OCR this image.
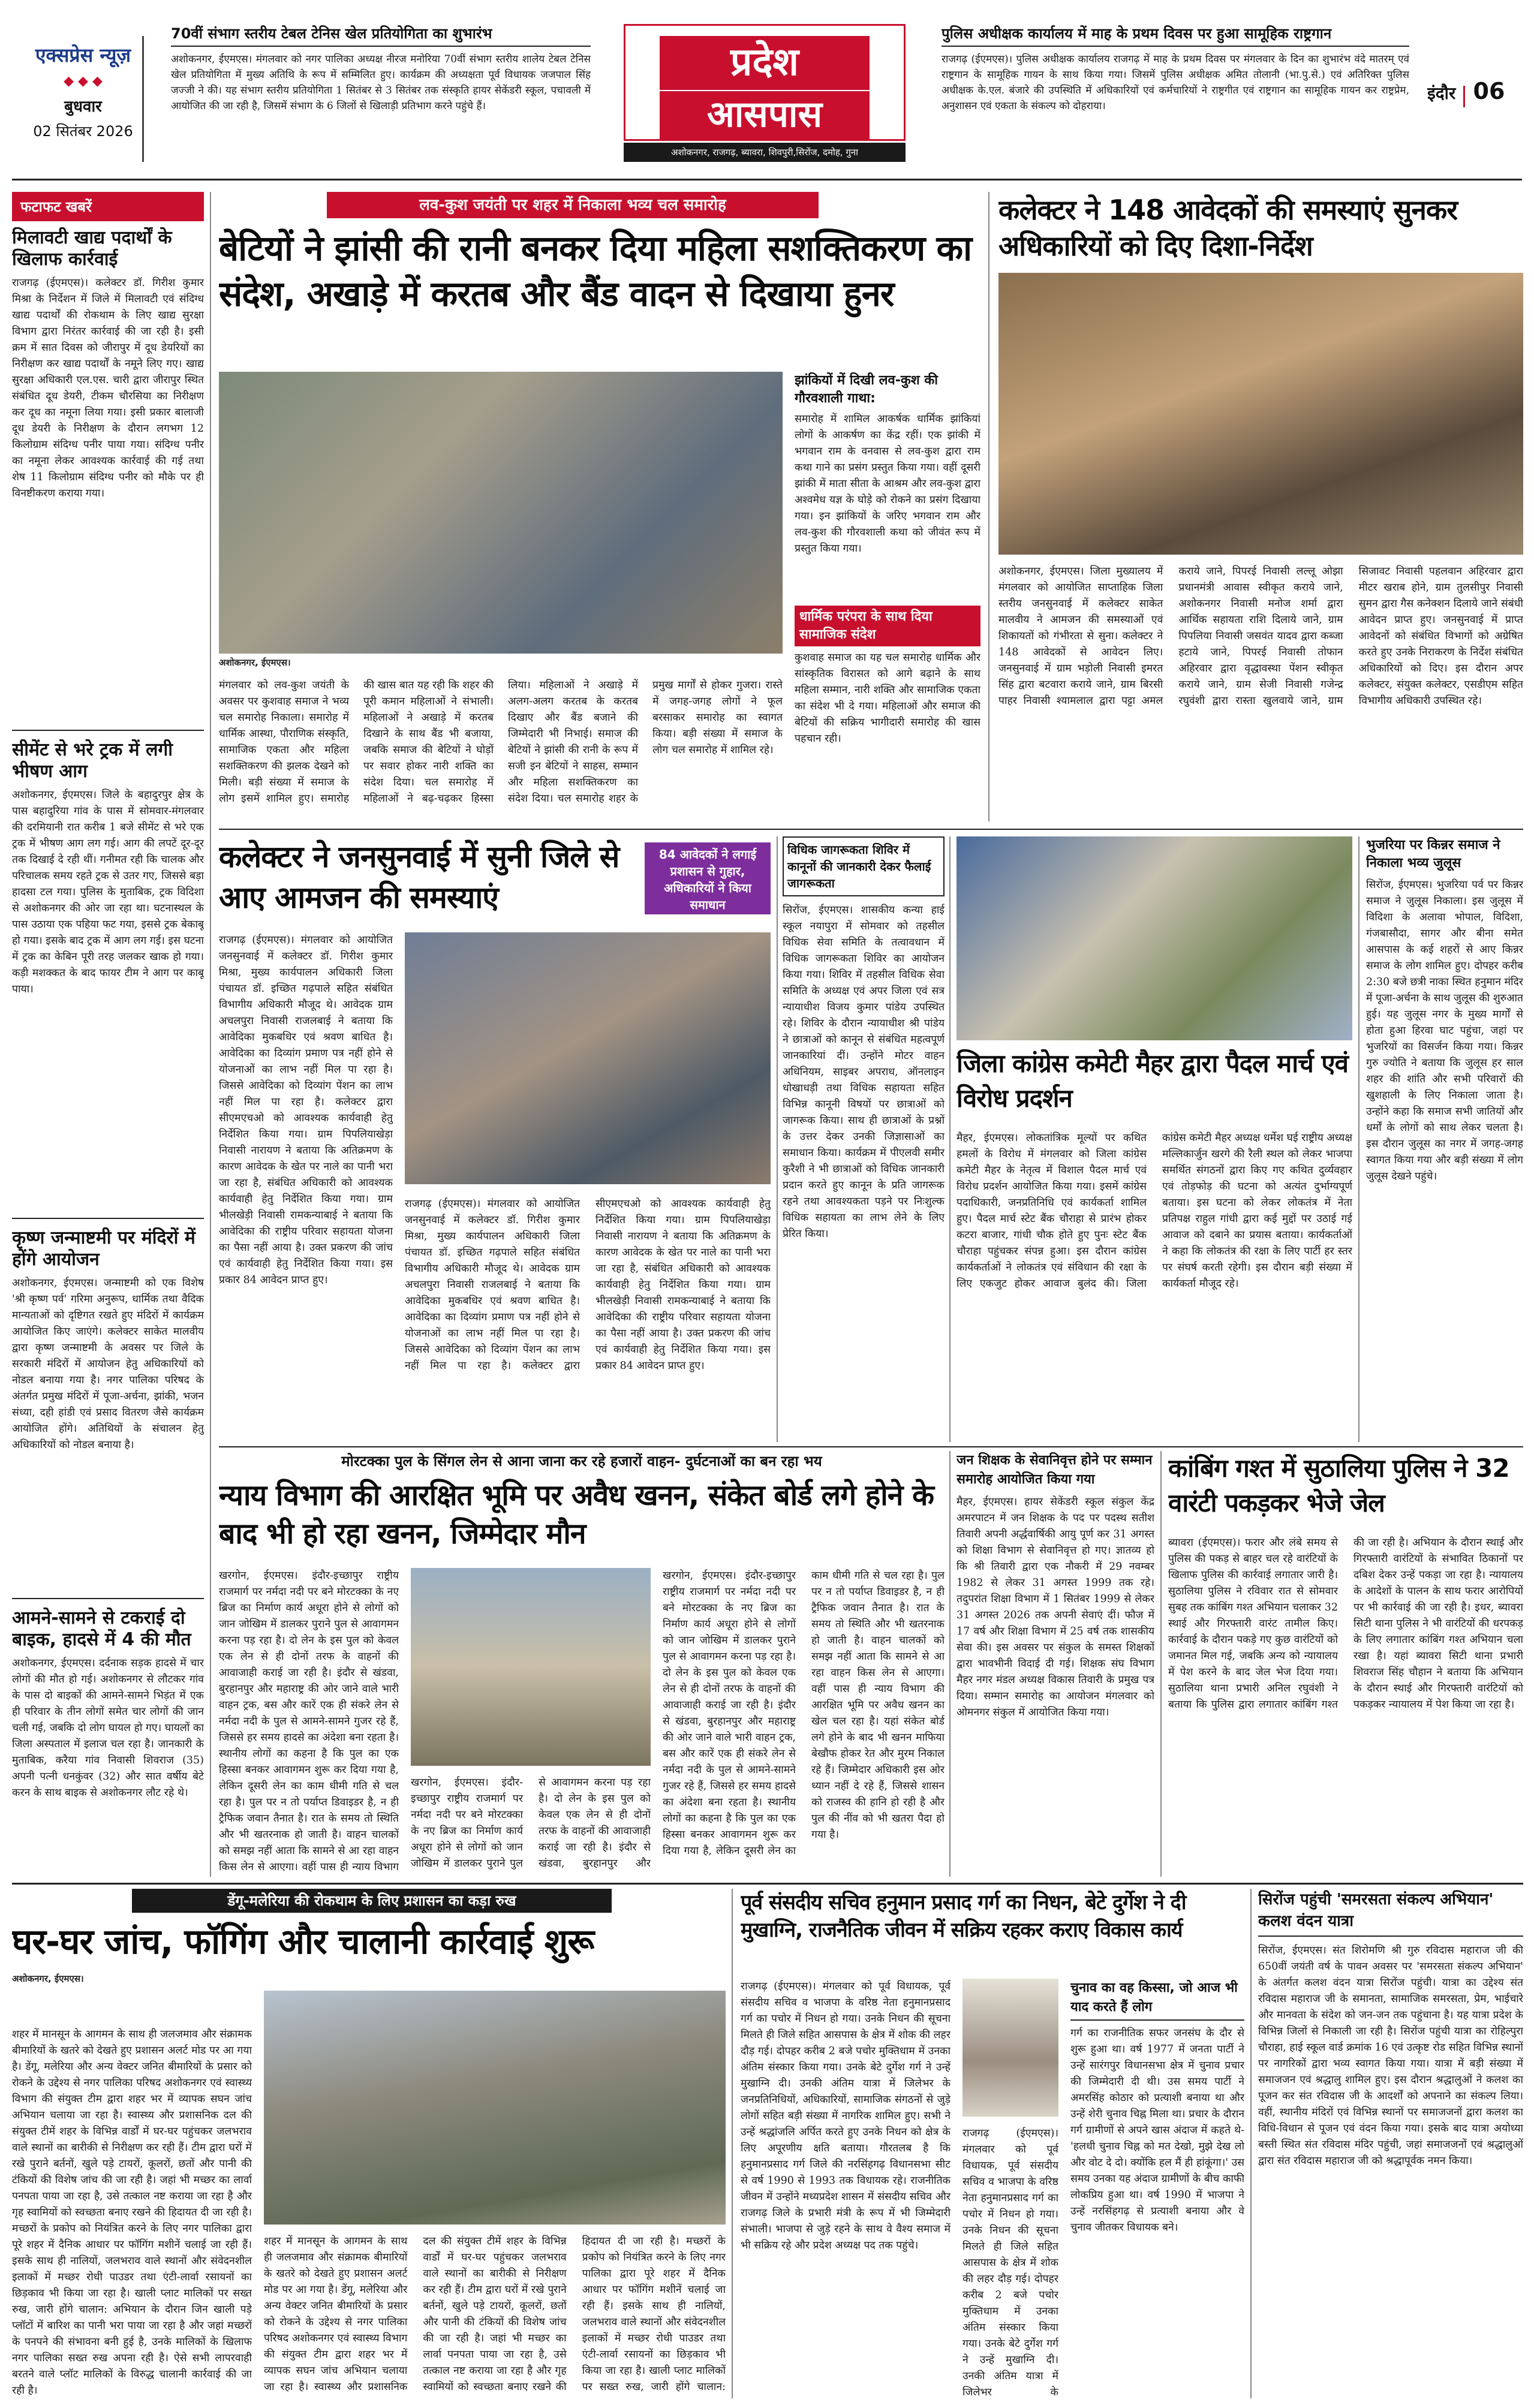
एक्सप्रेस न्यूज़
◆ ◆ ◆
बुधवार
02 सितंबर 2026
70वीं संभाग स्तरीय टेबल टेनिस खेल प्रतियोगिता का शुभारंभ
अशोकनगर, ईएमएस। मंगलवार को नगर पालिका अध्यक्ष नीरज मनोरिया 70वीं संभाग स्तरीय शालेय टेबल टेनिस खेल प्रतियोगिता में मुख्य अतिथि के रूप में सम्मिलित हुए। कार्यक्रम की अध्यक्षता पूर्व विधायक जजपाल सिंह जज्जी ने की। यह संभाग स्तरीय प्रतियोगिता 1 सितंबर से 3 सितंबर तक संस्कृति हायर सेकेंडरी स्कूल, पचावली में आयोजित की जा रही है, जिसमें संभाग के 6 जिलों से खिलाड़ी प्रतिभाग करने पहुंचे हैं।
प्रदेश
आसपास
अशोकनगर, राजगढ़, ब्यावरा, शिवपुरी,सिरोंज, दमोह, गुना
पुलिस अधीक्षक कार्यालय में माह के प्रथम दिवस पर हुआ सामूहिक राष्ट्रगान
राजगढ़ (ईएमएस)। पुलिस अधीक्षक कार्यालय राजगढ़ में माह के प्रथम दिवस पर मंगलवार के दिन का शुभारंभ वंदे मातरम् एवं राष्ट्रगान के सामूहिक गायन के साथ किया गया। जिसमें पुलिस अधीक्षक अमित तोलानी (भा.पु.से.) एवं अतिरिक्त पुलिस अधीक्षक के.एल. बंजारे की उपस्थिति में अधिकारियों एवं कर्मचारियों ने राष्ट्रगीत एवं राष्ट्रगान का सामूहिक गायन कर राष्ट्रप्रेम, अनुशासन एवं एकता के संकल्प को दोहराया।
इंदौर 06
फटाफट खबरें
मिलावटी खाद्य पदार्थों के खिलाफ कार्रवाई
राजगढ़ (ईएमएस)। कलेक्टर डॉ. गिरीश कुमार मिश्रा के निर्देशन में जिले में मिलावटी एवं संदिग्ध खाद्य पदार्थों की रोकथाम के लिए खाद्य सुरक्षा विभाग द्वारा निरंतर कार्रवाई की जा रही है। इसी क्रम में सात दिवस को जीरापुर में दूध डेयरियों का निरीक्षण कर खाद्य पदार्थों के नमूने लिए गए। खाद्य सुरक्षा अधिकारी एल.एस. चारी द्वारा जीरापुर स्थित संबंधित दूध डेयरी, टीकम चौरसिया का निरीक्षण कर दूध का नमूना लिया गया। इसी प्रकार बालाजी दूध डेयरी के निरीक्षण के दौरान लगभग 12 किलोग्राम संदिग्ध पनीर पाया गया। संदिग्ध पनीर का नमूना लेकर आवश्यक कार्रवाई की गई तथा शेष 11 किलोग्राम संदिग्ध पनीर को मौके पर ही विनष्टीकरण कराया गया।
सीमेंट से भरे ट्रक में लगी भीषण आग
अशोकनगर, ईएमएस। जिले के बहादुरपुर क्षेत्र के पास बहादुरिया गांव के पास में सोमवार-मंगलवार की दरमियानी रात करीब 1 बजे सीमेंट से भरे एक ट्रक में भीषण आग लग गई। आग की लपटें दूर-दूर तक दिखाई दे रही थीं। गनीमत रही कि चालक और परिचालक समय रहते ट्रक से उतर गए, जिससे बड़ा हादसा टल गया। पुलिस के मुताबिक, ट्रक विदिशा से अशोकनगर की ओर जा रहा था। घटनास्थल के पास उठाया एक पहिया फट गया, इससे ट्रक बेकाबू हो गया। इसके बाद ट्रक में आग लग गई। इस घटना में ट्रक का केबिन पूरी तरह जलकर खाक हो गया। कड़ी मशक्कत के बाद फायर टीम ने आग पर काबू पाया।
कृष्ण जन्माष्टमी पर मंदिरों में होंगे आयोजन
अशोकनगर, ईएमएस। जन्माष्टमी को एक विशेष 'श्री कृष्ण पर्व' गरिमा अनुरूप, धार्मिक तथा वैदिक मान्यताओं को दृष्टिगत रखते हुए मंदिरों में कार्यक्रम आयोजित किए जाएंगे। कलेक्टर साकेत मालवीय द्वारा कृष्ण जन्माष्टमी के अवसर पर जिले के सरकारी मंदिरों में आयोजन हेतु अधिकारियों को नोडल बनाया गया है। नगर पालिका परिषद के अंतर्गत प्रमुख मंदिरों में पूजा-अर्चना, झांकी, भजन संध्या, दही हांडी एवं प्रसाद वितरण जैसे कार्यक्रम आयोजित होंगे। अतिथियों के संचालन हेतु अधिकारियों को नोडल बनाया है।
आमने-सामने से टकराई दो बाइक, हादसे में 4 की मौत
अशोकनगर, ईएमएस। दर्दनाक सड़क हादसे में चार लोगों की मौत हो गई। अशोकनगर से लौटकर गांव के पास दो बाइकों की आमने-सामने भिड़ंत में एक ही परिवार के तीन लोगों समेत चार लोगों की जान चली गई, जबकि दो लोग घायल हो गए। घायलों का जिला अस्पताल में इलाज चल रहा है। जानकारी के मुताबिक, करैया गांव निवासी शिवराज (35) अपनी पत्नी धनकुंवर (32) और सात वर्षीय बेटे करन के साथ बाइक से अशोकनगर लौट रहे थे।
लव-कुश जयंती पर शहर में निकाला भव्य चल समारोह
बेटियों ने झांसी की रानी बनकर दिया महिला सशक्तिकरण का संदेश, अखाड़े में करतब और बैंड वादन से दिखाया हुनर
अशोकनगर, ईएमएस।
झांकियों में दिखी लव-कुश की गौरवशाली गाथा:
समारोह में शामिल आकर्षक धार्मिक झांकियां लोगों के आकर्षण का केंद्र रहीं। एक झांकी में भगवान राम के वनवास से लव-कुश द्वारा राम कथा गाने का प्रसंग प्रस्तुत किया गया। वहीं दूसरी झांकी में माता सीता के आश्रम और लव-कुश द्वारा अश्वमेध यज्ञ के घोड़े को रोकने का प्रसंग दिखाया गया। इन झांकियों के जरिए भगवान राम और लव-कुश की गौरवशाली कथा को जीवंत रूप में प्रस्तुत किया गया।
धार्मिक परंपरा के साथ दिया सामाजिक संदेश
कुशवाह समाज का यह चल समारोह धार्मिक और सांस्कृतिक विरासत को आगे बढ़ाने के साथ महिला सम्मान, नारी शक्ति और सामाजिक एकता का संदेश भी दे गया। महिलाओं और समाज की बेटियों की सक्रिय भागीदारी समारोह की खास पहचान रही।
मंगलवार को लव-कुश जयंती के अवसर पर कुशवाह समाज ने भव्य चल समारोह निकाला। समारोह में धार्मिक आस्था, पौराणिक संस्कृति, सामाजिक एकता और महिला सशक्तिकरण की झलक देखने को मिली। बड़ी संख्या में समाज के लोग इसमें शामिल हुए। समारोह की खास बात यह रही कि शहर की पूरी कमान महिलाओं ने संभाली। महिलाओं ने अखाड़े में करतब दिखाने के साथ बैंड भी बजाया, जबकि समाज की बेटियों ने घोड़ों पर सवार होकर नारी शक्ति का संदेश दिया। चल समारोह में महिलाओं ने बढ़-चढ़कर हिस्सा लिया। महिलाओं ने अखाड़े में अलग-अलग करतब के करतब दिखाए और बैंड बजाने की जिम्मेदारी भी निभाई। समाज की बेटियों ने झांसी की रानी के रूप में सजी इन बेटियों ने साहस, सम्मान और महिला सशक्तिकरण का संदेश दिया। चल समारोह शहर के प्रमुख मार्गों से होकर गुजरा। रास्ते में जगह-जगह लोगों ने फूल बरसाकर समारोह का स्वागत किया। बड़ी संख्या में समाज के लोग चल समारोह में शामिल रहे।
कलेक्टर ने 148 आवेदकों की समस्याएं सुनकर अधिकारियों को दिए दिशा-निर्देश
अशोकनगर, ईएमएस। जिला मुख्यालय में मंगलवार को आयोजित साप्ताहिक जिला स्तरीय जनसुनवाई में कलेक्टर साकेत मालवीय ने आमजन की समस्याओं एवं शिकायतों को गंभीरता से सुना। कलेक्टर ने 148 आवेदकों से आवेदन लिए। जनसुनवाई में ग्राम भड़ोली निवासी इमरत सिंह द्वारा बटवारा कराये जाने, ग्राम बिरसी पाहर निवासी श्यामलाल द्वारा पट्टा अमल कराये जाने, पिपरई निवासी लल्लू ओझा प्रधानमंत्री आवास स्वीकृत कराये जाने, अशोकनगर निवासी मनोज शर्मा द्वारा आर्थिक सहायता राशि दिलाये जाने, ग्राम पिपलिया निवासी जसवंत यादव द्वारा कब्जा हटाये जाने, पिपरई निवासी तोफान अहिरवार द्वारा वृद्धावस्था पेंशन स्वीकृत कराये जाने, ग्राम सेजी निवासी गजेन्द्र रघुवंशी द्वारा रास्ता खुलवाये जाने, ग्राम सिजावट निवासी पहलवान अहिरवार द्वारा मीटर खराब होने, ग्राम तुलसीपुर निवासी सुमन द्वारा गैस कनेक्शन दिलाये जाने संबंधी आवेदन प्राप्त हुए। जनसुनवाई में प्राप्त आवेदनों को संबंधित विभागों को अग्रेषित करते हुए उनके निराकरण के निर्देश संबंधित अधिकारियों को दिए। इस दौरान अपर कलेक्टर, संयुक्त कलेक्टर, एसडीएम सहित विभागीय अधिकारी उपस्थित रहे।
कलेक्टर ने जनसुनवाई में सुनी जिले से आए आमजन की समस्याएं
84 आवेदकों ने लगाई प्रशासन से गुहार, अधिकारियों ने किया समाधान
राजगढ़ (ईएमएस)। मंगलवार को आयोजित जनसुनवाई में कलेक्टर डॉ. गिरीश कुमार मिश्रा, मुख्य कार्यपालन अधिकारी जिला पंचायत डॉ. इच्छित गढ़पाले सहित संबंधित विभागीय अधिकारी मौजूद थे। आवेदक ग्राम अचलपुरा निवासी राजलबाई ने बताया कि आवेदिका मुकबधिर एवं श्रवण बाधित है। आवेदिका का दिव्यांग प्रमाण पत्र नहीं होने से योजनाओं का लाभ नहीं मिल पा रहा है। जिससे आवेदिका को दिव्यांग पेंशन का लाभ नहीं मिल पा रहा है। कलेक्टर द्वारा सीएमएचओ को आवश्यक कार्यवाही हेतु निर्देशित किया गया। ग्राम पिपलियाखेड़ा निवासी नारायण ने बताया कि अतिक्रमण के कारण आवेदक के खेत पर नाले का पानी भरा जा रहा है, संबंधित अधिकारी को आवश्यक कार्यवाही हेतु निर्देशित किया गया। ग्राम भीलखेड़ी निवासी रामकन्याबाई ने बताया कि आवेदिका की राष्ट्रीय परिवार सहायता योजना का पैसा नहीं आया है। उक्त प्रकरण की जांच एवं कार्यवाही हेतु निर्देशित किया गया। इस प्रकार 84 आवेदन प्राप्त हुए।
राजगढ़ (ईएमएस)। मंगलवार को आयोजित जनसुनवाई में कलेक्टर डॉ. गिरीश कुमार मिश्रा, मुख्य कार्यपालन अधिकारी जिला पंचायत डॉ. इच्छित गढ़पाले सहित संबंधित विभागीय अधिकारी मौजूद थे। आवेदक ग्राम अचलपुरा निवासी राजलबाई ने बताया कि आवेदिका मुकबधिर एवं श्रवण बाधित है। आवेदिका का दिव्यांग प्रमाण पत्र नहीं होने से योजनाओं का लाभ नहीं मिल पा रहा है। जिससे आवेदिका को दिव्यांग पेंशन का लाभ नहीं मिल पा रहा है। कलेक्टर द्वारा सीएमएचओ को आवश्यक कार्यवाही हेतु निर्देशित किया गया। ग्राम पिपलियाखेड़ा निवासी नारायण ने बताया कि अतिक्रमण के कारण आवेदक के खेत पर नाले का पानी भरा जा रहा है, संबंधित अधिकारी को आवश्यक कार्यवाही हेतु निर्देशित किया गया। ग्राम भीलखेड़ी निवासी रामकन्याबाई ने बताया कि आवेदिका की राष्ट्रीय परिवार सहायता योजना का पैसा नहीं आया है। उक्त प्रकरण की जांच एवं कार्यवाही हेतु निर्देशित किया गया। इस प्रकार 84 आवेदन प्राप्त हुए।
विधिक जागरूकता शिविर में कानूनों की जानकारी देकर फैलाई जागरूकता
सिरोंज, ईएमएस। शासकीय कन्या हाई स्कूल नयापुरा में सोमवार को तहसील विधिक सेवा समिति के तत्वावधान में विधिक जागरूकता शिविर का आयोजन किया गया। शिविर में तहसील विधिक सेवा समिति के अध्यक्ष एवं अपर जिला एवं सत्र न्यायाधीश विजय कुमार पांडेय उपस्थित रहे। शिविर के दौरान न्यायाधीश श्री पांडेय ने छात्राओं को कानून से संबंधित महत्वपूर्ण जानकारियां दीं। उन्होंने मोटर वाहन अधिनियम, साइबर अपराध, ऑनलाइन धोखाधड़ी तथा विधिक सहायता सहित विभिन्न कानूनी विषयों पर छात्राओं को जागरूक किया। साथ ही छात्राओं के प्रश्नों के उत्तर देकर उनकी जिज्ञासाओं का समाधान किया। कार्यक्रम में पीएलवी समीर कुरैशी ने भी छात्राओं को विधिक जानकारी प्रदान करते हुए कानून के प्रति जागरूक रहने तथा आवश्यकता पड़ने पर निःशुल्क विधिक सहायता का लाभ लेने के लिए प्रेरित किया।
जिला कांग्रेस कमेटी मैहर द्वारा पैदल मार्च एवं विरोध प्रदर्शन
मैहर, ईएमएस। लोकतांत्रिक मूल्यों पर कथित हमलों के विरोध में मंगलवार को जिला कांग्रेस कमेटी मैहर के नेतृत्व में विशाल पैदल मार्च एवं विरोध प्रदर्शन आयोजित किया गया। इसमें कांग्रेस पदाधिकारी, जनप्रतिनिधि एवं कार्यकर्ता शामिल हुए। पैदल मार्च स्टेट बैंक चौराहा से प्रारंभ होकर कटरा बाजार, गांधी चौक होते हुए पुनः स्टेट बैंक चौराहा पहुंचकर संपन्न हुआ। इस दौरान कांग्रेस कार्यकर्ताओं ने लोकतंत्र एवं संविधान की रक्षा के लिए एकजुट होकर आवाज बुलंद की। जिला कांग्रेस कमेटी मैहर अध्यक्ष धर्मेश घई राष्ट्रीय अध्यक्ष मल्लिकार्जुन खरगे की रैली स्थल को लेकर भाजपा समर्थित संगठनों द्वारा किए गए कथित दुर्व्यवहार एवं तोड़फोड़ की घटना को अत्यंत दुर्भाग्यपूर्ण बताया। इस घटना को लेकर लोकतंत्र में नेता प्रतिपक्ष राहुल गांधी द्वारा कई मुद्दों पर उठाई गई आवाज को दबाने का प्रयास बताया। कार्यकर्ताओं ने कहा कि लोकतंत्र की रक्षा के लिए पार्टी हर स्तर पर संघर्ष करती रहेगी। इस दौरान बड़ी संख्या में कार्यकर्ता मौजूद रहे।
भुजरिया पर किन्नर समाज ने निकाला भव्य जुलूस
सिरोंज, ईएमएस। भुजरिया पर्व पर किन्नर समाज ने जुलूस निकाला। इस जुलूस में विदिशा के अलावा भोपाल, विदिशा, गंजबासौदा, सागर और बीना समेत आसपास के कई शहरों से आए किन्नर समाज के लोग शामिल हुए। दोपहर करीब 2:30 बजे छत्री नाका स्थित हनुमान मंदिर में पूजा-अर्चना के साथ जुलूस की शुरुआत हुई। यह जुलूस नगर के मुख्य मार्गों से होता हुआ हिरवा घाट पहुंचा, जहां पर भुजरियों का विसर्जन किया गया। किन्नर गुरु ज्योति ने बताया कि जुलूस हर साल शहर की शांति और सभी परिवारों की खुशहाली के लिए निकाला जाता है। उन्होंने कहा कि समाज सभी जातियों और धर्मों के लोगों को साथ लेकर चलता है। इस दौरान जुलूस का नगर में जगह-जगह स्वागत किया गया और बड़ी संख्या में लोग जुलूस देखने पहुंचे।
मोरटक्का पुल के सिंगल लेन से आना जाना कर रहे हजारों वाहन- दुर्घटनाओं का बन रहा भय
न्याय विभाग की आरक्षित भूमि पर अवैध खनन, संकेत बोर्ड लगे होने के बाद भी हो रहा खनन, जिम्मेदार मौन
खरगोन, ईएमएस। इंदौर-इच्छापुर राष्ट्रीय राजमार्ग पर नर्मदा नदी पर बने मोरटक्का के नए ब्रिज का निर्माण कार्य अधूरा होने से लोगों को जान जोखिम में डालकर पुराने पुल से आवागमन करना पड़ रहा है। दो लेन के इस पुल को केवल एक लेन से ही दोनों तरफ के वाहनों की आवाजाही कराई जा रही है। इंदौर से खंडवा, बुरहानपुर और महाराष्ट्र की ओर जाने वाले भारी वाहन ट्रक, बस और कारें एक ही संकरे लेन से नर्मदा नदी के पुल से आमने-सामने गुजर रहे हैं, जिससे हर समय हादसे का अंदेशा बना रहता है। स्थानीय लोगों का कहना है कि पुल का एक हिस्सा बनकर आवागमन शुरू कर दिया गया है, लेकिन दूसरी लेन का काम धीमी गति से चल रहा है। पुल पर न तो पर्याप्त डिवाइडर है, न ही ट्रैफिक जवान तैनात है। रात के समय तो स्थिति और भी खतरनाक हो जाती है। वाहन चालकों को समझ नहीं आता कि सामने से आ रहा वाहन किस लेन से आएगा। वहीं पास ही न्याय विभाग
खरगोन, ईएमएस। इंदौर-इच्छापुर राष्ट्रीय राजमार्ग पर नर्मदा नदी पर बने मोरटक्का के नए ब्रिज का निर्माण कार्य अधूरा होने से लोगों को जान जोखिम में डालकर पुराने पुल से आवागमन करना पड़ रहा है। दो लेन के इस पुल को केवल एक लेन से ही दोनों तरफ के वाहनों की आवाजाही कराई जा रही है। इंदौर से खंडवा, बुरहानपुर और
खरगोन, ईएमएस। इंदौर-इच्छापुर राष्ट्रीय राजमार्ग पर नर्मदा नदी पर बने मोरटक्का के नए ब्रिज का निर्माण कार्य अधूरा होने से लोगों को जान जोखिम में डालकर पुराने पुल से आवागमन करना पड़ रहा है। दो लेन के इस पुल को केवल एक लेन से ही दोनों तरफ के वाहनों की आवाजाही कराई जा रही है। इंदौर से खंडवा, बुरहानपुर और महाराष्ट्र की ओर जाने वाले भारी वाहन ट्रक, बस और कारें एक ही संकरे लेन से नर्मदा नदी के पुल से आमने-सामने गुजर रहे हैं, जिससे हर समय हादसे का अंदेशा बना रहता है। स्थानीय लोगों का कहना है कि पुल का एक हिस्सा बनकर आवागमन शुरू कर दिया गया है, लेकिन दूसरी लेन का काम धीमी गति से चल रहा है। पुल पर न तो पर्याप्त डिवाइडर है, न ही ट्रैफिक जवान तैनात है। रात के समय तो स्थिति और भी खतरनाक हो जाती है। वाहन चालकों को समझ नहीं आता कि सामने से आ रहा वाहन किस लेन से आएगा। वहीं पास ही न्याय विभाग की आरक्षित भूमि पर अवैध खनन का खेल चल रहा है। यहां संकेत बोर्ड लगे होने के बाद भी खनन माफिया बेखौफ होकर रेत और मुरम निकाल रहे हैं। जिम्मेदार अधिकारी इस ओर ध्यान नहीं दे रहे हैं, जिससे शासन को राजस्व की हानि हो रही है और पुल की नींव को भी खतरा पैदा हो गया है।
जन शिक्षक के सेवानिवृत्त होने पर सम्मान समारोह आयोजित किया गया
मैहर, ईएमएस। हायर सेकेंडरी स्कूल संकुल केंद्र अमरपाटन में जन शिक्षक के पद पर पदस्थ सतीश तिवारी अपनी अर्द्धवार्षिकी आयु पूर्ण कर 31 अगस्त को शिक्षा विभाग से सेवानिवृत्त हो गए। ज्ञातव्य हो कि श्री तिवारी द्वारा एक नौकरी में 29 नवम्बर 1982 से लेकर 31 अगस्त 1999 तक रहे। तदुपरांत शिक्षा विभाग में 1 सितंबर 1999 से लेकर 31 अगस्त 2026 तक अपनी सेवाएं दीं। फौज में 17 वर्ष और शिक्षा विभाग में 25 वर्ष तक शासकीय सेवा की। इस अवसर पर संकुल के समस्त शिक्षकों द्वारा भावभीनी विदाई दी गई। शिक्षक संघ विभाग मैहर नगर मंडल अध्यक्ष विकास तिवारी के प्रमुख पत्र दिया। सम्मान समारोह का आयोजन मंगलवार को ओमनगर संकुल में आयोजित किया गया।
कांबिंग गश्त में सुठालिया पुलिस ने 32 वारंटी पकड़कर भेजे जेल
ब्यावरा (ईएमएस)। फरार और लंबे समय से पुलिस की पकड़ से बाहर चल रहे वारंटियों के खिलाफ पुलिस की कार्रवाई लगातार जारी है। सुठालिया पुलिस ने रविवार रात से सोमवार सुबह तक कांबिंग गश्त अभियान चलाकर 32 स्थाई और गिरफ्तारी वारंट तामील किए। कार्रवाई के दौरान पकड़े गए कुछ वारंटियों को जमानत मिल गई, जबकि अन्य को न्यायालय में पेश करने के बाद जेल भेज दिया गया। सुठालिया थाना प्रभारी अनिल रघुवंशी ने बताया कि पुलिस द्वारा लगातार कांबिंग गश्त की जा रही है। अभियान के दौरान स्थाई और गिरफ्तारी वारंटियों के संभावित ठिकानों पर दबिश देकर उन्हें पकड़ा जा रहा है। न्यायालय के आदेशों के पालन के साथ फरार आरोपियों पर भी कार्रवाई की जा रही है। इधर, ब्यावरा सिटी थाना पुलिस ने भी वारंटियों की धरपकड़ के लिए लगातार कांबिंग गश्त अभियान चला रखा है। यहां ब्यावरा सिटी थाना प्रभारी शिवराज सिंह चौहान ने बताया कि अभियान के दौरान स्थाई और गिरफ्तारी वारंटियों को पकड़कर न्यायालय में पेश किया जा रहा है।
डेंगू-मलेरिया की रोकथाम के लिए प्रशासन का कड़ा रुख
घर-घर जांच, फॉगिंग और चालानी कार्रवाई शुरू
अशोकनगर, ईएमएस।
शहर में मानसून के आगमन के साथ ही जलजमाव और संक्रामक बीमारियों के खतरे को देखते हुए प्रशासन अलर्ट मोड पर आ गया है। डेंगू, मलेरिया और अन्य वेक्टर जनित बीमारियों के प्रसार को रोकने के उद्देश्य से नगर पालिका परिषद अशोकनगर एवं स्वास्थ्य विभाग की संयुक्त टीम द्वारा शहर भर में व्यापक सघन जांच अभियान चलाया जा रहा है। स्वास्थ्य और प्रशासनिक दल की संयुक्त टीमें शहर के विभिन्न वार्डों में घर-घर पहुंचकर जलभराव वाले स्थानों का बारीकी से निरीक्षण कर रही हैं। टीम द्वारा घरों में रखे पुराने बर्तनों, खुले पड़े टायरों, कूलरों, छतों और पानी की टंकियों की विशेष जांच की जा रही है। जहां भी मच्छर का लार्वा पनपता पाया जा रहा है, उसे तत्काल नष्ट कराया जा रहा है और गृह स्वामियों को स्वच्छता बनाए रखने की हिदायत दी जा रही है। मच्छरों के प्रकोप को नियंत्रित करने के लिए नगर पालिका द्वारा पूरे शहर में दैनिक आधार पर फॉगिंग मशीनें चलाई जा रही हैं। इसके साथ ही नालियों, जलभराव वाले स्थानों और संवेदनशील इलाकों में मच्छर रोधी पाउडर तथा एंटी-लार्वा रसायनों का छिड़काव भी किया जा रहा है। खाली प्लाट मालिकों पर सख्त रुख, जारी होंगे चालान: अभियान के दौरान जिन खाली पड़े प्लॉटों में बारिश का पानी भरा पाया जा रहा है और जहां मच्छरों के पनपने की संभावना बनी हुई है, उनके मालिकों के खिलाफ नगर पालिका सख्त रुख अपना रही है। ऐसे सभी लापरवाही बरतने वाले प्लॉट मालिकों के विरुद्ध चालानी कार्रवाई की जा रही है।
शहर में मानसून के आगमन के साथ ही जलजमाव और संक्रामक बीमारियों के खतरे को देखते हुए प्रशासन अलर्ट मोड पर आ गया है। डेंगू, मलेरिया और अन्य वेक्टर जनित बीमारियों के प्रसार को रोकने के उद्देश्य से नगर पालिका परिषद अशोकनगर एवं स्वास्थ्य विभाग की संयुक्त टीम द्वारा शहर भर में व्यापक सघन जांच अभियान चलाया जा रहा है। स्वास्थ्य और प्रशासनिक दल की संयुक्त टीमें शहर के विभिन्न वार्डों में घर-घर पहुंचकर जलभराव वाले स्थानों का बारीकी से निरीक्षण कर रही हैं। टीम द्वारा घरों में रखे पुराने बर्तनों, खुले पड़े टायरों, कूलरों, छतों और पानी की टंकियों की विशेष जांच की जा रही है। जहां भी मच्छर का लार्वा पनपता पाया जा रहा है, उसे तत्काल नष्ट कराया जा रहा है और गृह स्वामियों को स्वच्छता बनाए रखने की हिदायत दी जा रही है। मच्छरों के प्रकोप को नियंत्रित करने के लिए नगर पालिका द्वारा पूरे शहर में दैनिक आधार पर फॉगिंग मशीनें चलाई जा रही हैं। इसके साथ ही नालियों, जलभराव वाले स्थानों और संवेदनशील इलाकों में मच्छर रोधी पाउडर तथा एंटी-लार्वा रसायनों का छिड़काव भी किया जा रहा है। खाली प्लाट मालिकों पर सख्त रुख, जारी होंगे चालान:
पूर्व संसदीय सचिव हनुमान प्रसाद गर्ग का निधन, बेटे दुर्गेश ने दी मुखाग्नि, राजनैतिक जीवन में सक्रिय रहकर कराए विकास कार्य
राजगढ़ (ईएमएस)। मंगलवार को पूर्व विधायक, पूर्व संसदीय सचिव व भाजपा के वरिष्ठ नेता हनुमानप्रसाद गर्ग का पचोर में निधन हो गया। उनके निधन की सूचना मिलते ही जिले सहित आसपास के क्षेत्र में शोक की लहर दौड़ गई। दोपहर करीब 2 बजे पचोर मुक्तिधाम में उनका अंतिम संस्कार किया गया। उनके बेटे दुर्गेश गर्ग ने उन्हें मुखाग्नि दी। उनकी अंतिम यात्रा में जिलेभर के जनप्रतिनिधियों, अधिकारियों, सामाजिक संगठनों से जुड़े लोगों सहित बड़ी संख्या में नागरिक शामिल हुए। सभी ने उन्हें श्रद्धांजलि अर्पित करते हुए उनके निधन को क्षेत्र के लिए अपूरणीय क्षति बताया। गौरतलब है कि हनुमानप्रसाद गर्ग जिले की नरसिंहगढ़ विधानसभा सीट से वर्ष 1990 से 1993 तक विधायक रहे। राजनीतिक जीवन में उन्होंने मध्यप्रदेश शासन में संसदीय सचिव और राजगढ़ जिले के प्रभारी मंत्री के रूप में भी जिम्मेदारी संभाली। भाजपा से जुड़े रहने के साथ वे वैश्य समाज में भी सक्रिय रहे और प्रदेश अध्यक्ष पद तक पहुंचे।
चुनाव का वह किस्सा, जो आज भी याद करते हैं लोग
गर्ग का राजनीतिक सफर जनसंघ के दौर से शुरू हुआ था। वर्ष 1977 में जनता पार्टी ने उन्हें सारंगपुर विधानसभा क्षेत्र में चुनाव प्रचार की जिम्मेदारी दी थी। उस समय पार्टी ने अमरसिंह कोठार को प्रत्याशी बनाया था और उन्हें शेरी चुनाव चिह्न मिला था। प्रचार के दौरान गर्ग ग्रामीणों से अपने खास अंदाज में कहते थे- 'हलधी चुनाव चिह्न को मत देखो, मुझे देख लो और वोट दे दो। क्योंकि हल मैं ही हांकूंगा।' उस समय उनका यह अंदाज ग्रामीणों के बीच काफी लोकप्रिय हुआ था। वर्ष 1990 में भाजपा ने उन्हें नरसिंहगढ़ से प्रत्याशी बनाया और वे चुनाव जीतकर विधायक बने।
राजगढ़ (ईएमएस)। मंगलवार को पूर्व विधायक, पूर्व संसदीय सचिव व भाजपा के वरिष्ठ नेता हनुमानप्रसाद गर्ग का पचोर में निधन हो गया। उनके निधन की सूचना मिलते ही जिले सहित आसपास के क्षेत्र में शोक की लहर दौड़ गई। दोपहर करीब 2 बजे पचोर मुक्तिधाम में उनका अंतिम संस्कार किया गया। उनके बेटे दुर्गेश गर्ग ने उन्हें मुखाग्नि दी। उनकी अंतिम यात्रा में जिलेभर के
सिरोंज पहुंची 'समरसता संकल्प अभियान' कलश वंदन यात्रा
सिरोंज, ईएमएस। संत शिरोमणि श्री गुरु रविदास महाराज जी की 650वीं जयंती वर्ष के पावन अवसर पर 'समरसता संकल्प अभियान' के अंतर्गत कलश वंदन यात्रा सिरोंज पहुंची। यात्रा का उद्देश्य संत रविदास महाराज जी के समानता, सामाजिक समरसता, प्रेम, भाईचारे और मानवता के संदेश को जन-जन तक पहुंचाना है। यह यात्रा प्रदेश के विभिन्न जिलों से निकाली जा रही है। सिरोंज पहुंची यात्रा का रोहिल्पुरा चौराहा, हाई स्कूल वार्ड क्रमांक 16 एवं उत्कृष्ट रोड सहित विभिन्न स्थानों पर नागरिकों द्वारा भव्य स्वागत किया गया। यात्रा में बड़ी संख्या में समाजजन एवं श्रद्धालु शामिल हुए। इस दौरान श्रद्धालुओं ने कलश का पूजन कर संत रविदास जी के आदर्शों को अपनाने का संकल्प लिया। वहीं, स्थानीय मंदिरों एवं विभिन्न स्थानों पर समाजजनों द्वारा कलश का विधि-विधान से पूजन एवं वंदन किया गया। इसके बाद यात्रा अयोध्या बस्ती स्थित संत रविदास मंदिर पहुंची, जहां समाजजनों एवं श्रद्धालुओं द्वारा संत रविदास महाराज जी को श्रद्धापूर्वक नमन किया।
